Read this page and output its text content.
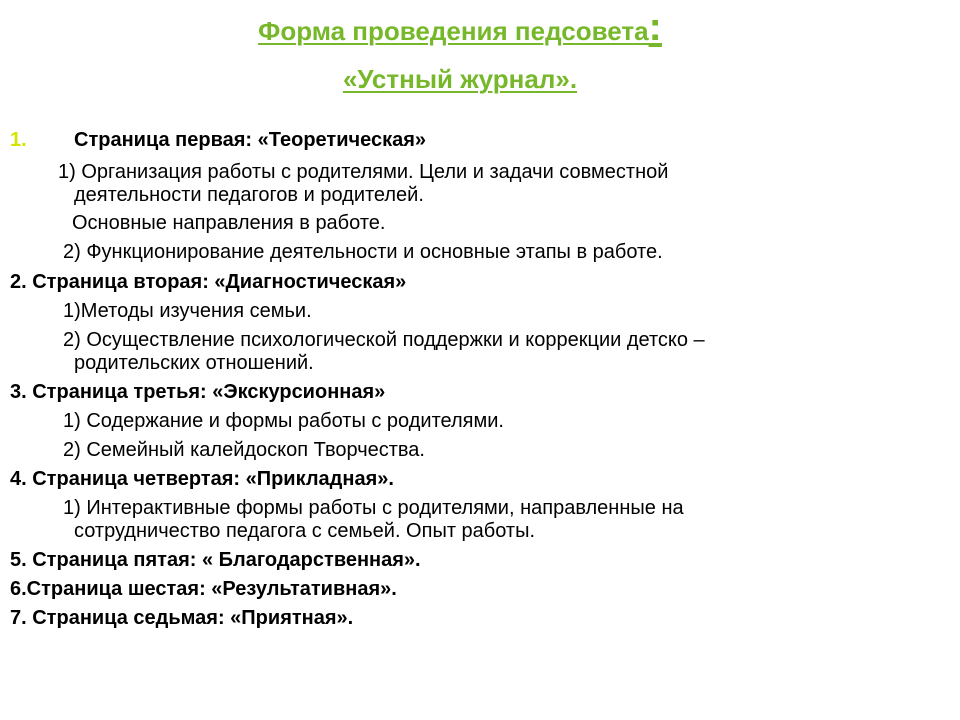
Форма проведения педсовета:
«Устный журнал».
1. Страница первая: «Теоретическая»
1) Организация работы с родителями. Цели и задачи совместной
деятельности педагогов и родителей.
Основные направления в работе.
2) Функционирование деятельности и основные этапы в работе.
2. Страница вторая: «Диагностическая»
1)Методы изучения семьи.
2) Осуществление психологической поддержки и коррекции детско –
родительских отношений.
3. Страница третья: «Экскурсионная»
1) Содержание и формы работы с родителями.
2) Семейный калейдоскоп Творчества.
4. Страница четвертая: «Прикладная».
1) Интерактивные формы работы с родителями, направленные на
сотрудничество педагога с семьей. Опыт работы.
5. Страница пятая: « Благодарственная».
6.Страница шестая: «Результативная».
7. Страница седьмая: «Приятная».
